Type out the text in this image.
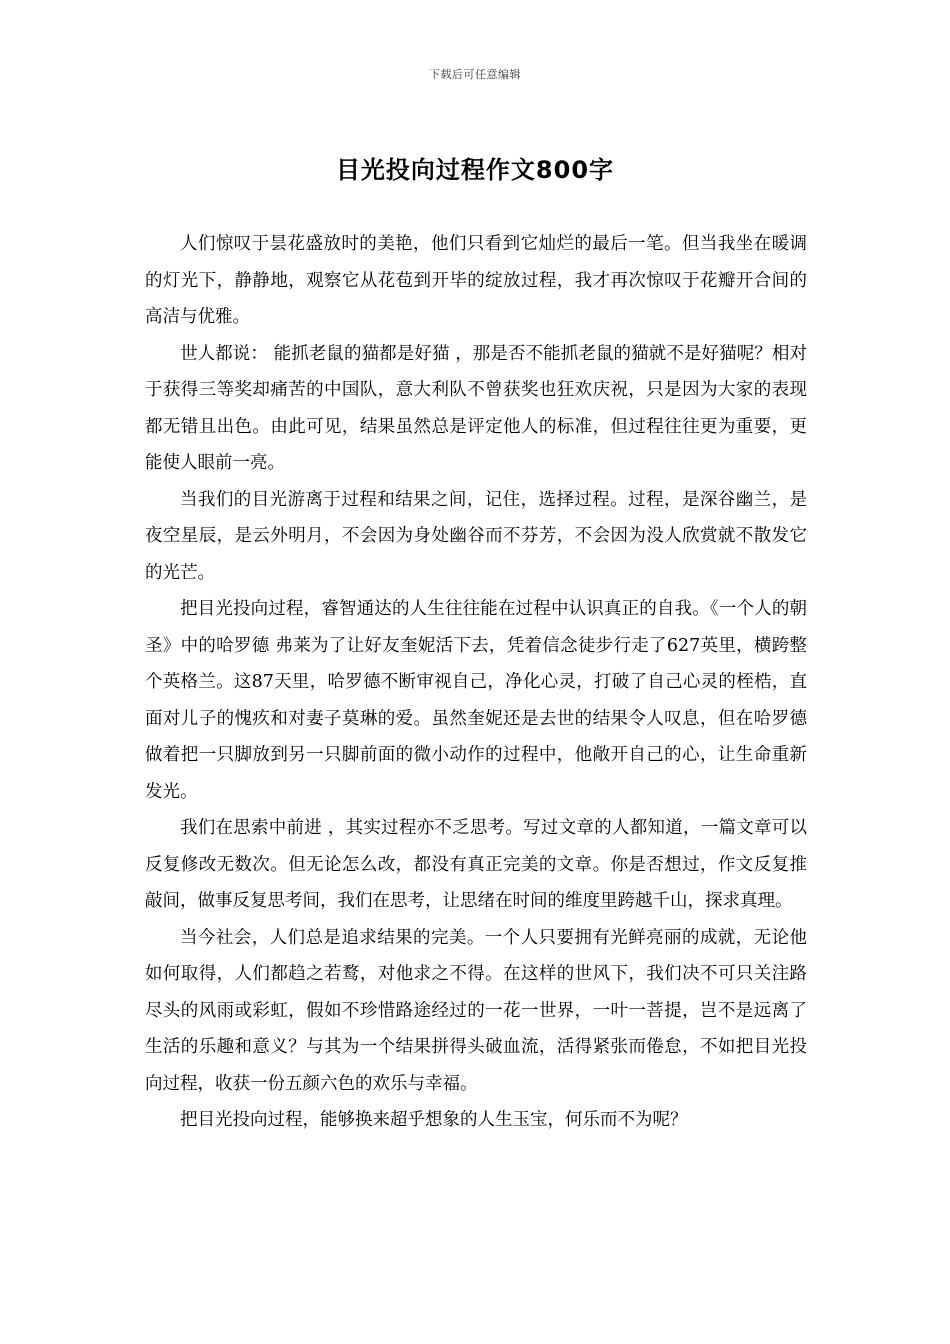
下载后可任意编辑
目光投向过程作文800字

人们惊叹于昙花盛放时的美艳，他们只看到它灿烂的最后一笔。但当我坐在暖调的灯光下，静静地，观察它从花苞到开毕的绽放过程，我才再次惊叹于花瓣开合间的高洁与优雅。

世人都说： 能抓老鼠的猫都是好猫 ，那是否不能抓老鼠的猫就不是好猫呢？相对于获得三等奖却痛苦的中国队，意大利队不曾获奖也狂欢庆祝，只是因为大家的表现都无错且出色。由此可见，结果虽然总是评定他人的标准，但过程往往更为重要，更能使人眼前一亮。

当我们的目光游离于过程和结果之间，记住，选择过程。过程，是深谷幽兰，是夜空星辰，是云外明月，不会因为身处幽谷而不芬芳，不会因为没人欣赏就不散发它的光芒。

把目光投向过程，睿智通达的人生往往能在过程中认识真正的自我。《一个人的朝圣》中的哈罗德 弗莱为了让好友奎妮活下去，凭着信念徒步行走了627英里，横跨整个英格兰。这87天里，哈罗德不断审视自己，净化心灵，打破了自己心灵的桎梏，直面对儿子的愧疚和对妻子莫琳的爱。虽然奎妮还是去世的结果令人叹息，但在哈罗德做着把一只脚放到另一只脚前面的微小动作的过程中，他敞开自己的心，让生命重新发光。

我们在思索中前进 ，其实过程亦不乏思考。写过文章的人都知道，一篇文章可以反复修改无数次。但无论怎么改，都没有真正完美的文章。你是否想过，作文反复推敲间，做事反复思考间，我们在思考，让思绪在时间的维度里跨越千山，探求真理。

当今社会，人们总是追求结果的完美。一个人只要拥有光鲜亮丽的成就，无论他如何取得，人们都趋之若鹜，对他求之不得。在这样的世风下，我们决不可只关注路尽头的风雨或彩虹，假如不珍惜路途经过的一花一世界，一叶一菩提，岂不是远离了生活的乐趣和意义？与其为一个结果拼得头破血流，活得紧张而倦怠，不如把目光投向过程，收获一份五颜六色的欢乐与幸福。

把目光投向过程，能够换来超乎想象的人生玉宝，何乐而不为呢？
